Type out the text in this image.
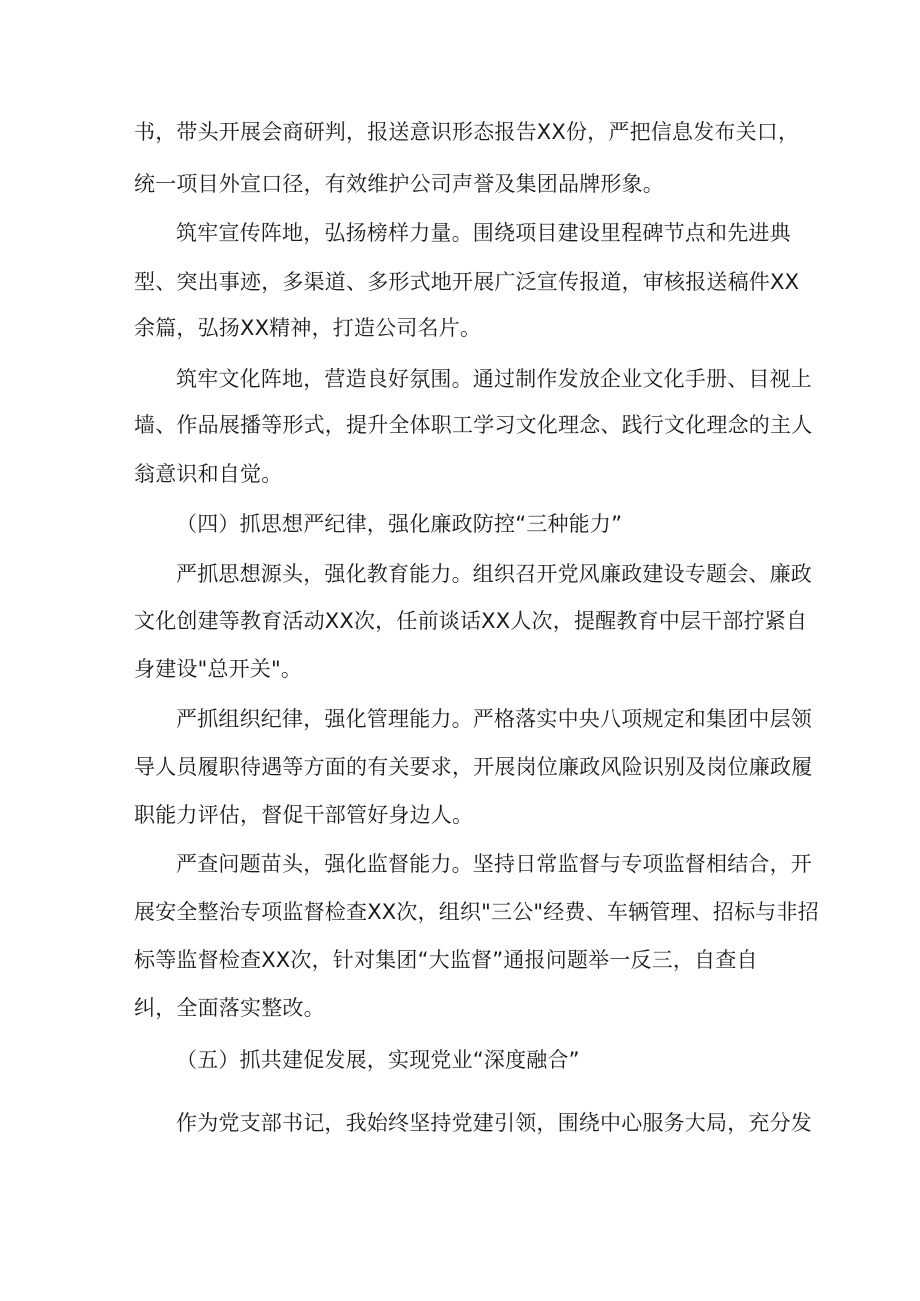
书，带头开展会商研判，报送意识形态报告XX份，严把信息发布关口，
统一项目外宣口径，有效维护公司声誉及集团品牌形象。
筑牢宣传阵地，弘扬榜样力量。围绕项目建设里程碑节点和先进典
型、突出事迹，多渠道、多形式地开展广泛宣传报道，审核报送稿件XX
余篇，弘扬XX精神，打造公司名片。
筑牢文化阵地，营造良好氛围。通过制作发放企业文化手册、目视上
墙、作品展播等形式，提升全体职工学习文化理念、践行文化理念的主人
翁意识和自觉。
（四）抓思想严纪律，强化廉政防控“三种能力”
严抓思想源头，强化教育能力。组织召开党风廉政建设专题会、廉政
文化创建等教育活动XX次，任前谈话XX人次，提醒教育中层干部拧紧自
身建设"总开关"。
严抓组织纪律，强化管理能力。严格落实中央八项规定和集团中层领
导人员履职待遇等方面的有关要求，开展岗位廉政风险识别及岗位廉政履
职能力评估，督促干部管好身边人。
严查问题苗头，强化监督能力。坚持日常监督与专项监督相结合，开
展安全整治专项监督检查XX次，组织"三公"经费、车辆管理、招标与非招
标等监督检查XX次，针对集团“大监督”通报问题举一反三，自查自
纠，全面落实整改。
（五）抓共建促发展，实现党业“深度融合”
作为党支部书记，我始终坚持党建引领，围绕中心服务大局，充分发
